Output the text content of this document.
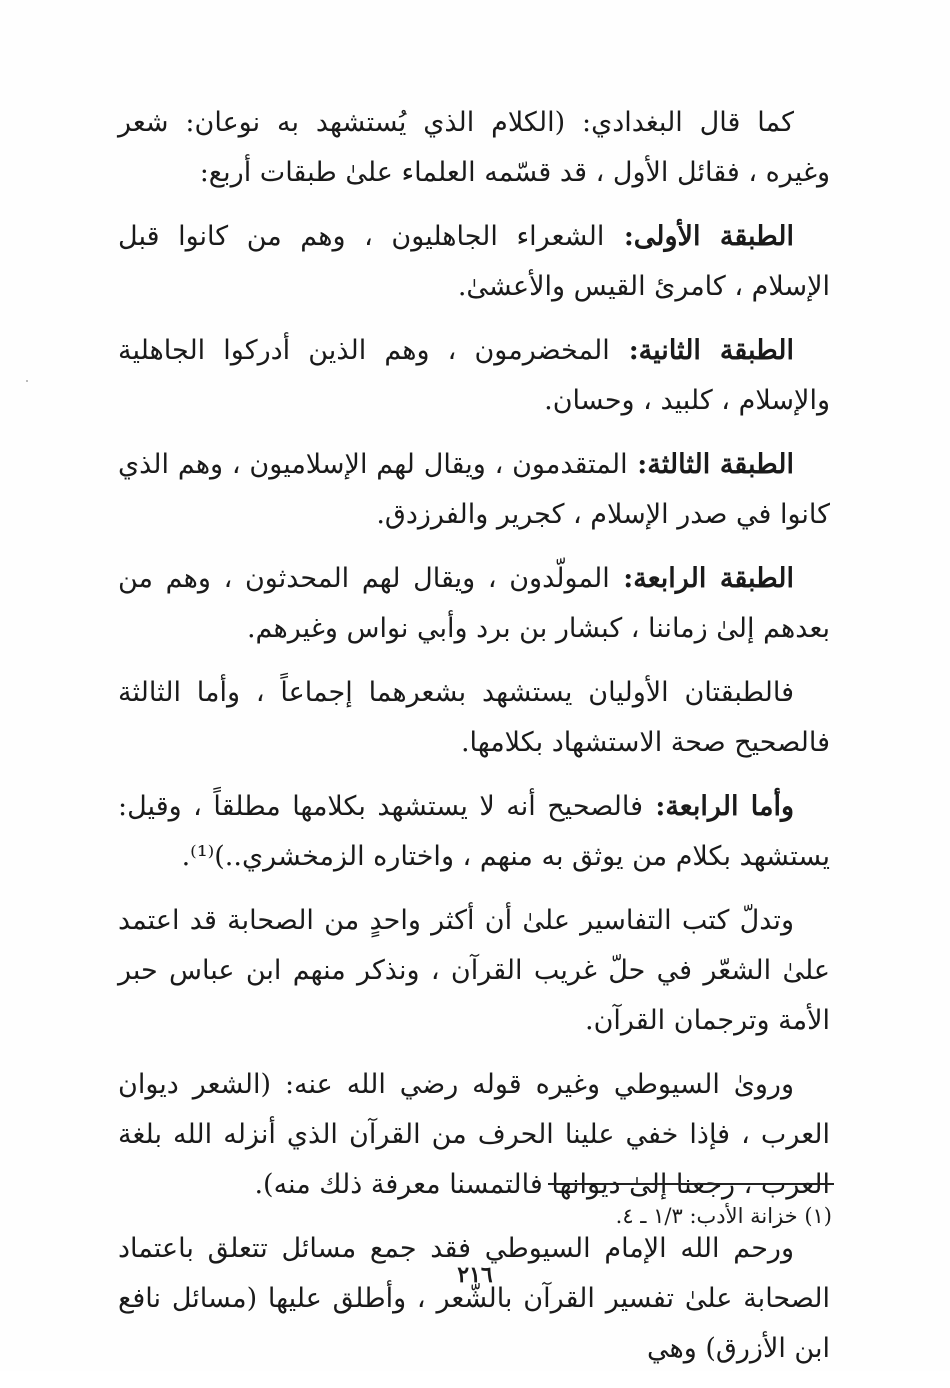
كما قال البغدادي: (الكلام الذي يُستشهد به نوعان: شعر وغيره ، فقائل الأول ، قد قسّمه العلماء علىٰ طبقات أربع:

الطبقة الأولى: الشعراء الجاهليون ، وهم من كانوا قبل الإسلام ، كامرئ القيس والأعشىٰ.

الطبقة الثانية: المخضرمون ، وهم الذين أدركوا الجاهلية والإسلام ، كلبيد ، وحسان.

الطبقة الثالثة: المتقدمون ، ويقال لهم الإسلاميون ، وهم الذي كانوا في صدر الإسلام ، كجرير والفرزدق.

الطبقة الرابعة: المولّدون ، ويقال لهم المحدثون ، وهم من بعدهم إلىٰ زماننا ، كبشار بن برد وأبي نواس وغيرهم.

فالطبقتان الأوليان يستشهد بشعرهما إجماعاً ، وأما الثالثة فالصحيح صحة الاستشهاد بكلامها.

وأما الرابعة: فالصحيح أنه لا يستشهد بكلامها مطلقاً ، وقيل: يستشهد بكلام من يوثق به منهم ، واختاره الزمخشري..)⁽¹⁾.

وتدلّ كتب التفاسير علىٰ أن أكثر واحدٍ من الصحابة قد اعتمد علىٰ الشعّر في حلّ غريب القرآن ، ونذكر منهم ابن عباس حبر الأمة وترجمان القرآن.

وروىٰ السيوطي وغيره قوله رضي الله عنه: (الشعر ديوان العرب ، فإذا خفي علينا الحرف من القرآن الذي أنزله الله بلغة العرب ، رجعنا إلىٰ ديوانها فالتمسنا معرفة ذلك منه).

ورحم الله الإمام السيوطي فقد جمع مسائل تتعلق باعتماد الصحابة علىٰ تفسير القرآن بالشّعر ، وأطلق عليها (مسائل نافع ابن الأزرق) وهي

(١) خزانة الأدب: ١/٣ ـ ٤.
٢١٦
